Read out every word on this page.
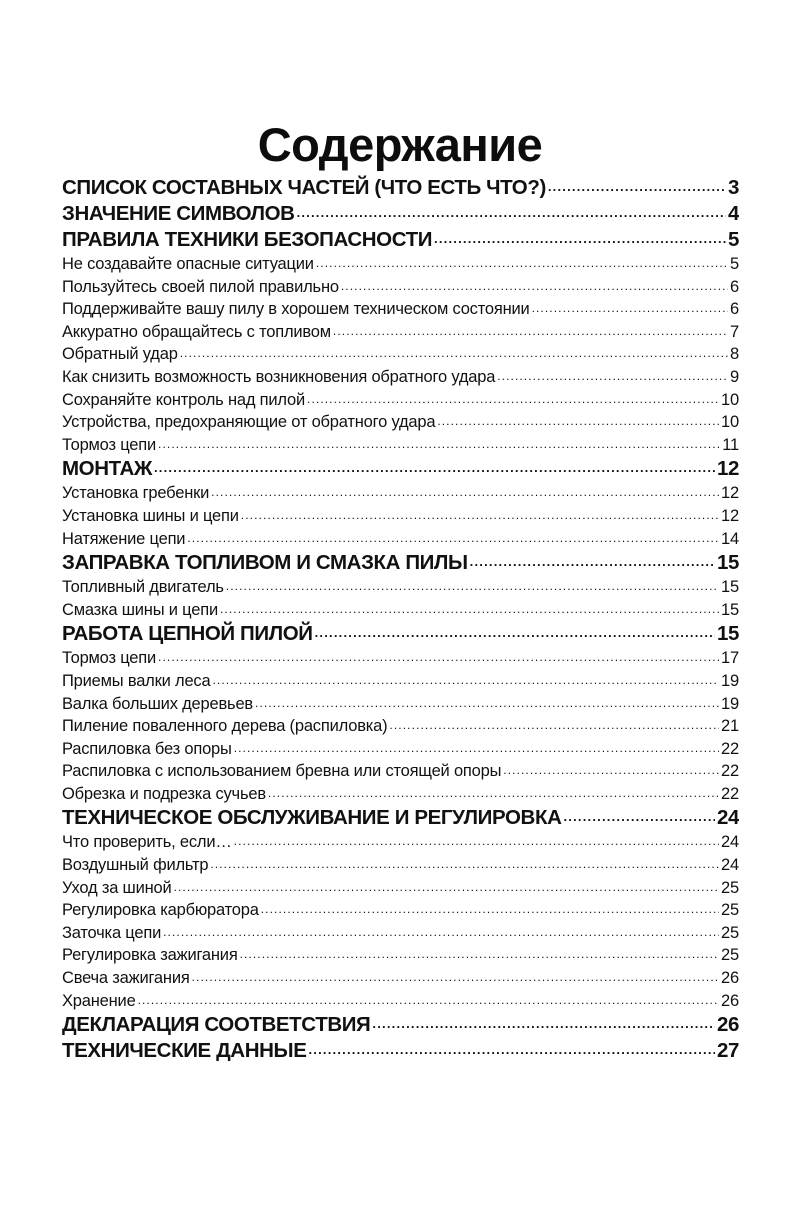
Содержание
СПИСОК СОСТАВНЫХ ЧАСТЕЙ (ЧТО ЕСТЬ ЧТО?) .....	3
ЗНАЧЕНИЕ СИМВОЛОВ .....	4
ПРАВИЛА ТЕХНИКИ БЕЗОПАСНОСТИ .....	5
Не создавайте опасные ситуации .....	5
Пользуйтесь своей пилой правильно .....	6
Поддерживайте вашу пилу в хорошем техническом состоянии .....	6
Аккуратно обращайтесь с топливом .....	7
Обратный удар .....	8
Как снизить возможность возникновения обратного удара .....	9
Сохраняйте контроль над пилой .....	10
Устройства, предохраняющие от обратного удара .....	10
Тормоз цепи .....	11
МОНТАЖ .....	12
Установка гребенки .....	12
Установка шины и цепи .....	12
Натяжение цепи .....	14
ЗАПРАВКА ТОПЛИВОМ И СМАЗКА ПИЛЫ .....	15
Топливный двигатель .....	15
Смазка шины и цепи .....	15
РАБОТА ЦЕПНОЙ ПИЛОЙ .....	15
Тормоз цепи .....	17
Приемы валки леса .....	19
Валка больших деревьев .....	19
Пиление поваленного дерева (распиловка) .....	21
Распиловка без опоры .....	22
Распиловка с использованием бревна или стоящей опоры .....	22
Обрезка и подрезка сучьев .....	22
ТЕХНИЧЕСКОЕ ОБСЛУЖИВАНИЕ И РЕГУЛИРОВКА .....	24
Что проверить, если… .....	24
Воздушный фильтр .....	24
Уход за шиной .....	25
Регулировка карбюратора .....	25
Заточка цепи .....	25
Регулировка зажигания .....	25
Свеча зажигания .....	26
Хранение .....	26
ДЕКЛАРАЦИЯ СООТВЕТСТВИЯ .....	26
ТЕХНИЧЕСКИЕ ДАННЫЕ .....	27
